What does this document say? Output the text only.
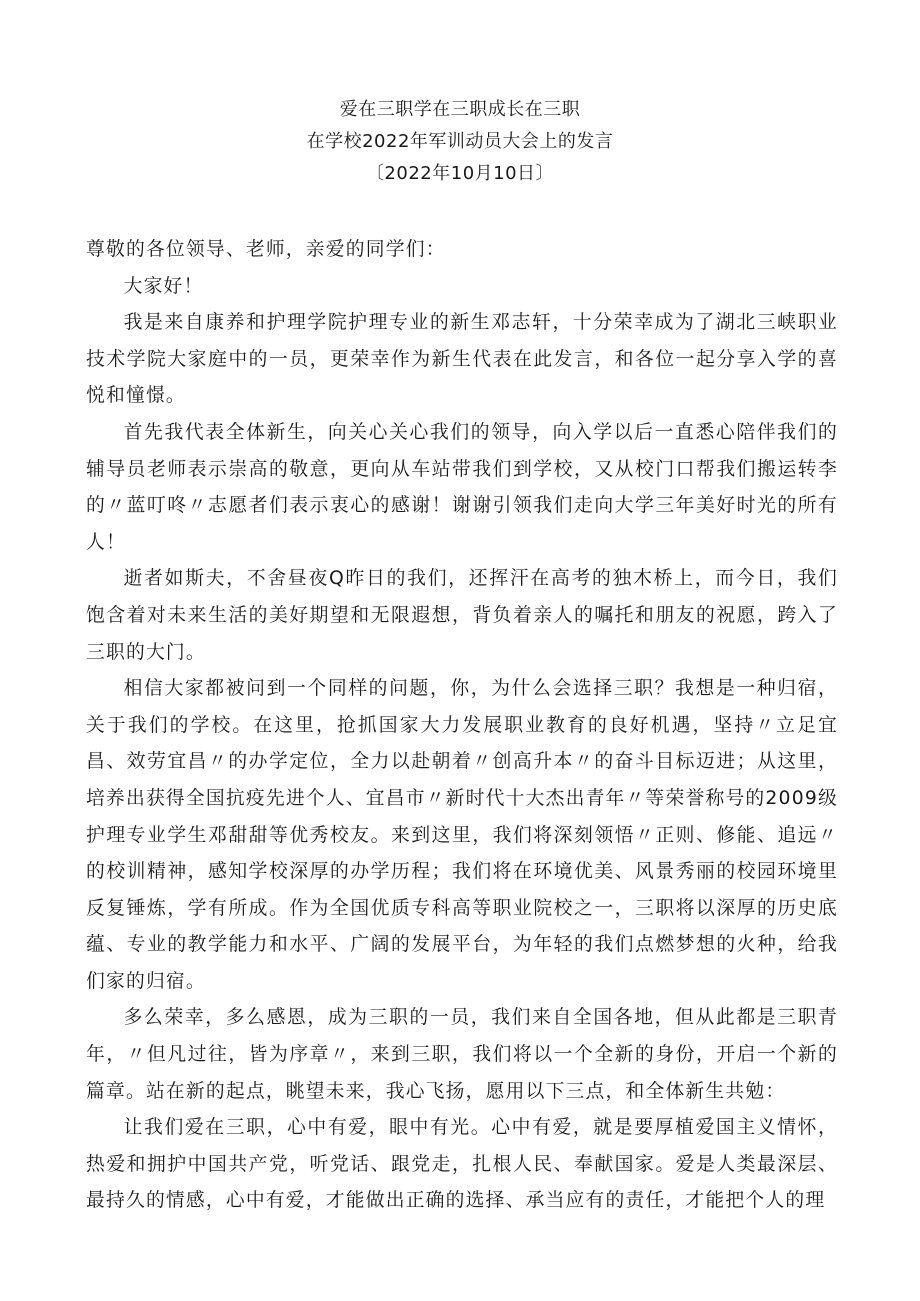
爱在三职学在三职成长在三职
在学校2022年军训动员大会上的发言
〔2022年10月10日〕

尊敬的各位领导、老师，亲爱的同学们：

大家好！

我是来自康养和护理学院护理专业的新生邓志轩，十分荣幸成为了湖北三峡职业技术学院大家庭中的一员，更荣幸作为新生代表在此发言，和各位一起分享入学的喜悦和憧憬。

首先我代表全体新生，向关心关心我们的领导，向入学以后一直悉心陪伴我们的辅导员老师表示崇高的敬意，更向从车站带我们到学校，又从校门口帮我们搬运转李的〃蓝叮咚〃志愿者们表示衷心的感谢！谢谢引领我们走向大学三年美好时光的所有人！

逝者如斯夫，不舍昼夜Q昨日的我们，还挥汗在高考的独木桥上，而今日，我们饱含着对未来生活的美好期望和无限遐想，背负着亲人的嘱托和朋友的祝愿，跨入了三职的大门。

相信大家都被问到一个同样的问题，你，为什么会选择三职？我想是一种归宿，关于我们的学校。在这里，抢抓国家大力发展职业教育的良好机遇，坚持〃立足宜昌、效劳宜昌〃的办学定位，全力以赴朝着〃创高升本〃的奋斗目标迈进；从这里，培养出获得全国抗疫先进个人、宜昌市〃新时代十大杰出青年〃等荣誉称号的2009级护理专业学生邓甜甜等优秀校友。来到这里，我们将深刻领悟〃正则、修能、追远〃的校训精神，感知学校深厚的办学历程；我们将在环境优美、风景秀丽的校园环境里反复锤炼，学有所成。作为全国优质专科高等职业院校之一，三职将以深厚的历史底蕴、专业的教学能力和水平、广阔的发展平台，为年轻的我们点燃梦想的火种，给我们家的归宿。

多么荣幸，多么感恩，成为三职的一员，我们来自全国各地，但从此都是三职青年，〃但凡过往，皆为序章〃，来到三职，我们将以一个全新的身份，开启一个新的篇章。站在新的起点，眺望未来，我心飞扬，愿用以下三点，和全体新生共勉：

让我们爱在三职，心中有爱，眼中有光。心中有爱，就是要厚植爱国主义情怀，热爱和拥护中国共产党，听党话、跟党走，扎根人民、奉献国家。爱是人类最深层、最持久的情感，心中有爱，才能做出正确的选择、承当应有的责任，才能把个人的理
